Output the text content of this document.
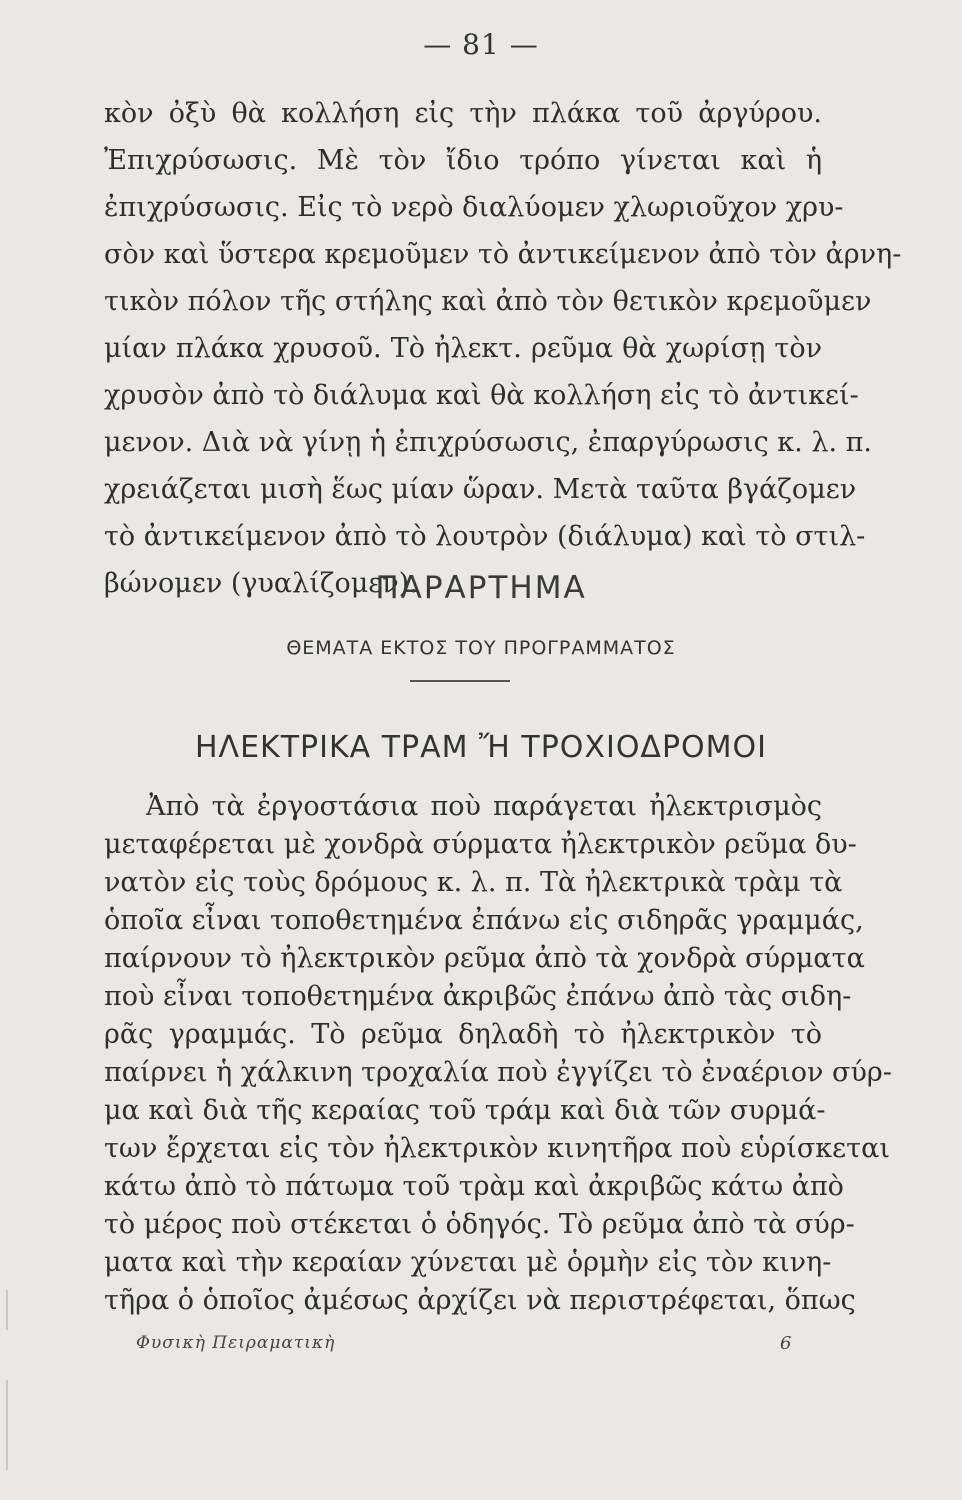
— 81 —
κὸν ὀξὺ θὰ κολλήση εἰς τὴν πλάκα τοῦ ἀργύρου.
Ἐπιχρύσωσις. Μὲ τὸν ἴδιο τρόπο γίνεται καὶ ἡ
ἐπιχρύσωσις. Εἰς τὸ νερὸ διαλύομεν χλωριοῦχον χρυ-
σὸν καὶ ὕστερα κρεμοῦμεν τὸ ἀντικείμενον ἀπὸ τὸν ἀρνη-
τικὸν πόλον τῆς στήλης καὶ ἀπὸ τὸν θετικὸν κρεμοῦμεν
μίαν πλάκα χρυσοῦ. Τὸ ἠλεκτ. ρεῦμα θὰ χωρίσῃ τὸν
χρυσὸν ἀπὸ τὸ διάλυμα καὶ θὰ κολλήση εἰς τὸ ἀντικεί-
μενον. Διὰ νὰ γίνῃ ἡ ἐπιχρύσωσις, ἐπαργύρωσις κ. λ. π.
χρειάζεται μισὴ ἕως μίαν ὥραν. Μετὰ ταῦτα βγάζομεν
τὸ ἀντικείμενον ἀπὸ τὸ λουτρὸν (διάλυμα) καὶ τὸ στιλ-
βώνομεν (γυαλίζομεν).
ΠΑΡΑΡΤΗΜΑ
ΘΕΜΑΤΑ ΕΚΤΟΣ ΤΟΥ ΠΡΟΓΡΑΜΜΑΤΟΣ
ΗΛΕΚΤΡΙΚΑ ΤΡΑΜ Ἤ ΤΡΟΧΙΟΔΡΟΜΟΙ
Ἀπὸ τὰ ἐργοστάσια ποὺ παράγεται ἠλεκτρισμὸς
μεταφέρεται μὲ χονδρὰ σύρματα ἠλεκτρικὸν ρεῦμα δυ-
νατὸν εἰς τοὺς δρόμους κ. λ. π. Τὰ ἠλεκτρικὰ τρὰμ τὰ
ὁποῖα εἶναι τοποθετημένα ἐπάνω εἰς σιδηρᾶς γραμμάς,
παίρνουν τὸ ἠλεκτρικὸν ρεῦμα ἀπὸ τὰ χονδρὰ σύρματα
ποὺ εἶναι τοποθετημένα ἀκριβῶς ἐπάνω ἀπὸ τὰς σιδη-
ρᾶς γραμμάς. Τὸ ρεῦμα δηλαδὴ τὸ ἠλεκτρικὸν τὸ
παίρνει ἡ χάλκινη τροχαλία ποὺ ἐγγίζει τὸ ἐναέριον σύρ-
μα καὶ διὰ τῆς κεραίας τοῦ τράμ καὶ διὰ τῶν συρμά-
των ἔρχεται εἰς τὸν ἠλεκτρικὸν κινητῆρα ποὺ εὑρίσκεται
κάτω ἀπὸ τὸ πάτωμα τοῦ τρὰμ καὶ ἀκριβῶς κάτω ἀπὸ
τὸ μέρος ποὺ στέκεται ὁ ὁδηγός. Τὸ ρεῦμα ἀπὸ τὰ σύρ-
ματα καὶ τὴν κεραίαν χύνεται μὲ ὁρμὴν εἰς τὸν κινη-
τῆρα ὁ ὁποῖος ἀμέσως ἀρχίζει νὰ περιστρέφεται, ὅπως
Φυσικὴ Πειραματικὴ	6
